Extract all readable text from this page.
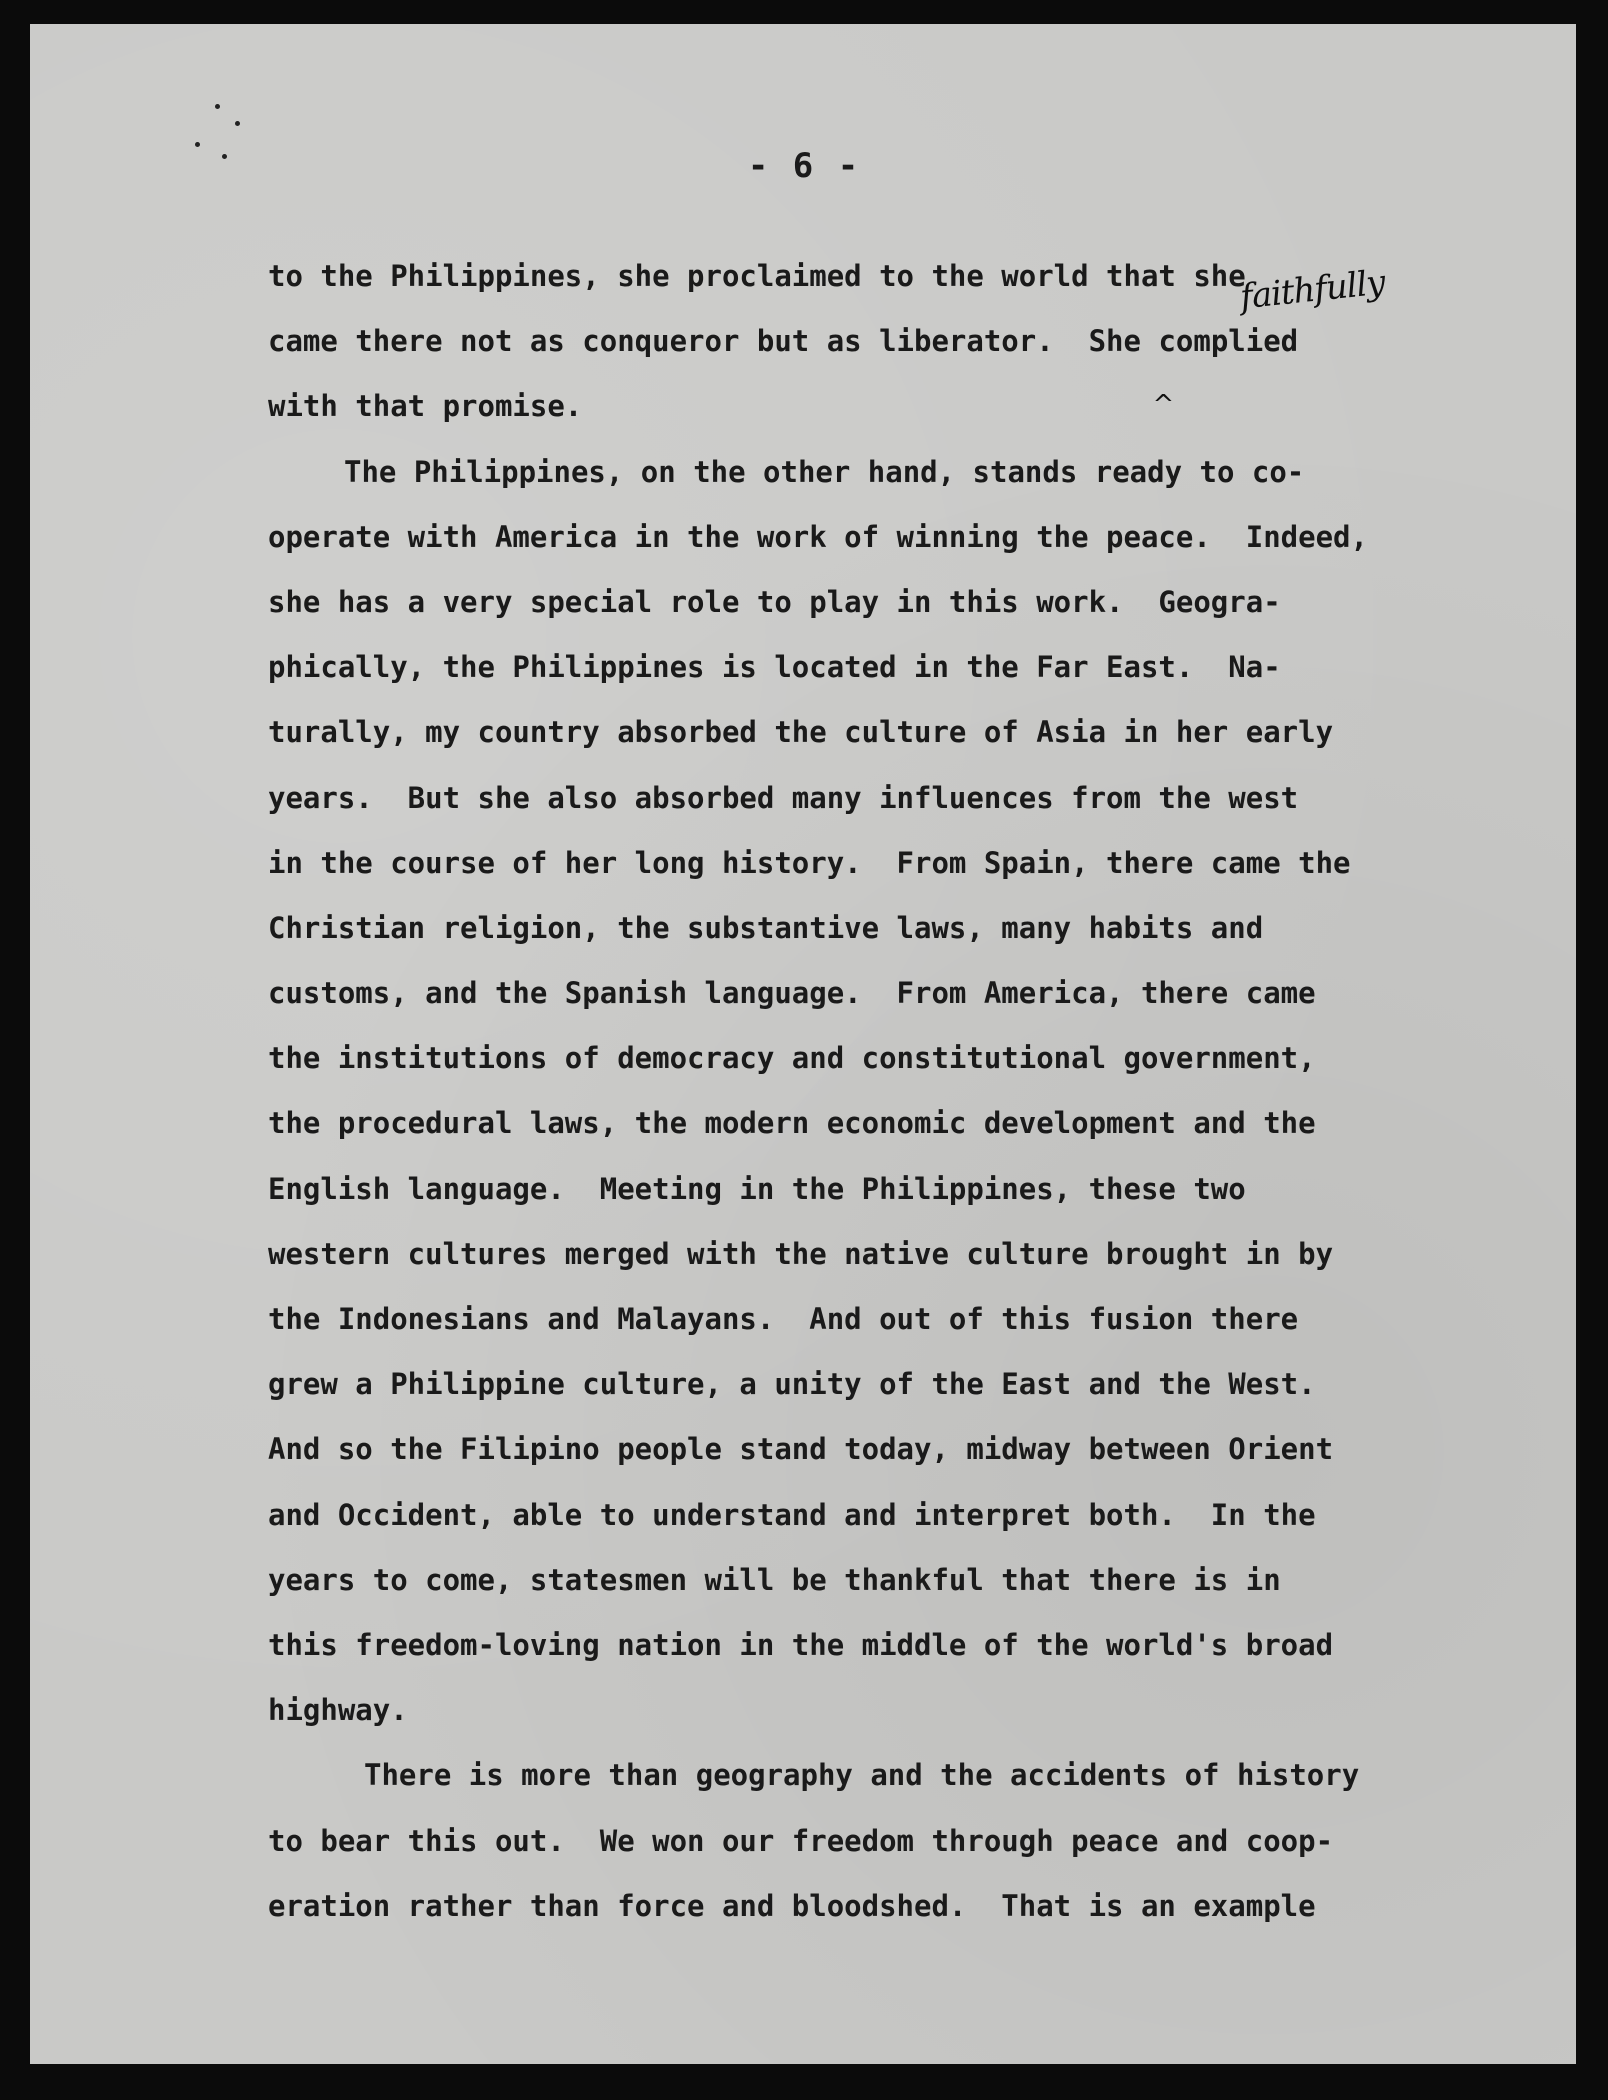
- 6 -
faithfully
to the Philippines, she proclaimed to the world that she
came there not as conqueror but as liberator.  She
^
complied
with that promise.
The Philippines, on the other hand, stands ready to co-
operate with America in the work of winning the peace.  Indeed,
she has a very special role to play in this work.  Geogra-
phically, the Philippines is located in the Far East.  Na-
turally, my country absorbed the culture of Asia in her early
years.  But she also absorbed many influences from the west
in the course of her long history.  From Spain, there came the
Christian religion, the substantive laws, many habits and
customs, and the Spanish language.  From America, there came
the institutions of democracy and constitutional government,
the procedural laws, the modern economic development and the
English language.  Meeting in the Philippines, these two
western cultures merged with the native culture brought in by
the Indonesians and Malayans.  And out of this fusion there
grew a Philippine culture, a unity of the East and the West.
And so the Filipino people stand today, midway between Orient
and Occident, able to understand and interpret both.  In the
years to come, statesmen will be thankful that there is in
this freedom-loving nation in the middle of the world's broad
highway.
There is more than geography and the accidents of history
to bear this out.  We won our freedom through peace and coop-
eration rather than force and bloodshed.  That is an example
